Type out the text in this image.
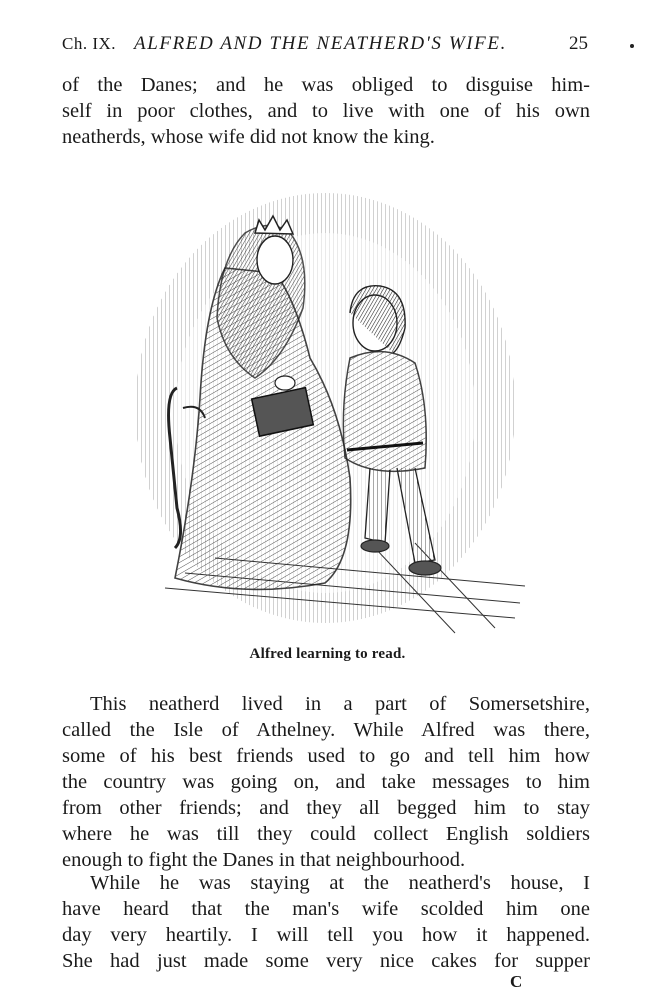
Ch. IX. ALFRED AND THE NEATHERD'S WIFE.	25
of the Danes; and he was obliged to disguise him-
self in poor clothes, and to live with one of his own
neatherds, whose wife did not know the king.
Alfred learning to read.
This neatherd lived in a part of Somersetshire,
called the Isle of Athelney. While Alfred was there,
some of his best friends used to go and tell him how
the country was going on, and take messages to him
from other friends; and they all begged him to stay
where he was till they could collect English soldiers
enough to fight the Danes in that neighbourhood.
While he was staying at the neatherd's house, I
have heard that the man's wife scolded him one
day very heartily. I will tell you how it happened.
She had just made some very nice cakes for supper
C
